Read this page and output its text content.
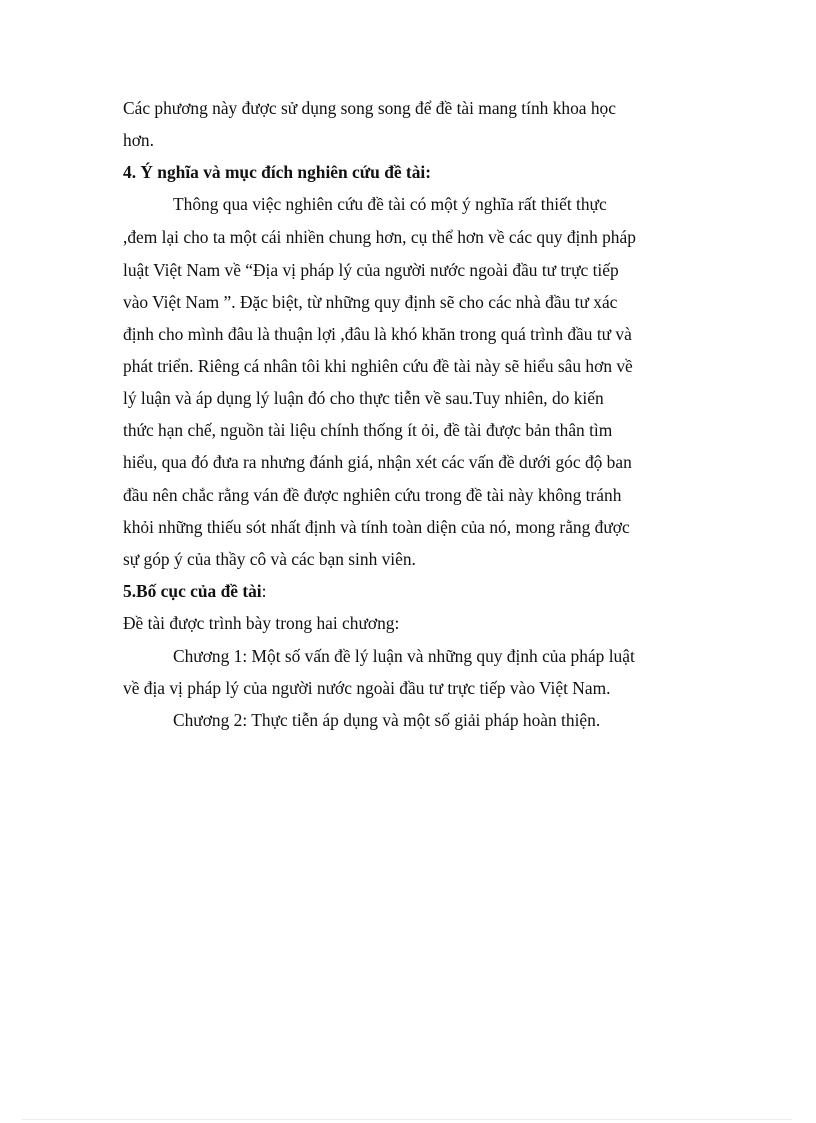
Các phương này được sử dụng song song để đề tài mang tính khoa học
hơn.
4. Ý nghĩa và mục đích nghiên cứu đề tài:
Thông qua việc nghiên cứu đề tài có một ý nghĩa rất thiết thực
,đem lại cho ta một cái nhiền chung hơn, cụ thể hơn về các quy định pháp
luật Việt Nam về “Địa vị pháp lý của người nước ngoài đầu tư trực tiếp
vào Việt Nam ”. Đặc biệt, từ những quy định sẽ cho các nhà đầu tư xác
định cho mình đâu là thuận lợi ,đâu là khó khăn trong quá trình đầu tư và
phát triển. Riêng cá nhân tôi khi nghiên cứu đề tài này sẽ hiểu sâu hơn về
lý luận và áp dụng lý luận đó cho thực tiễn về sau.Tuy nhiên, do kiến
thức hạn chế, nguồn tài liệu chính thống ít ỏi, đề tài được bản thân tìm
hiểu, qua đó đưa ra nhưng đánh giá, nhận xét các vấn đề dưới góc độ ban
đầu nên chắc rằng ván đề được nghiên cứu trong đề tài này không tránh
khỏi những thiếu sót nhất định và tính toàn diện của nó, mong rằng được
sự góp ý của thầy cô và các bạn sinh viên.
5.Bố cục của đề tài:
Đề tài được trình bày trong hai chương:
Chương 1: Một số vấn đề lý luận và những quy định của pháp luật
về địa vị pháp lý của người nước ngoài đầu tư trực tiếp vào Việt Nam.
Chương 2: Thực tiễn áp dụng và một số giải pháp hoàn thiện.
